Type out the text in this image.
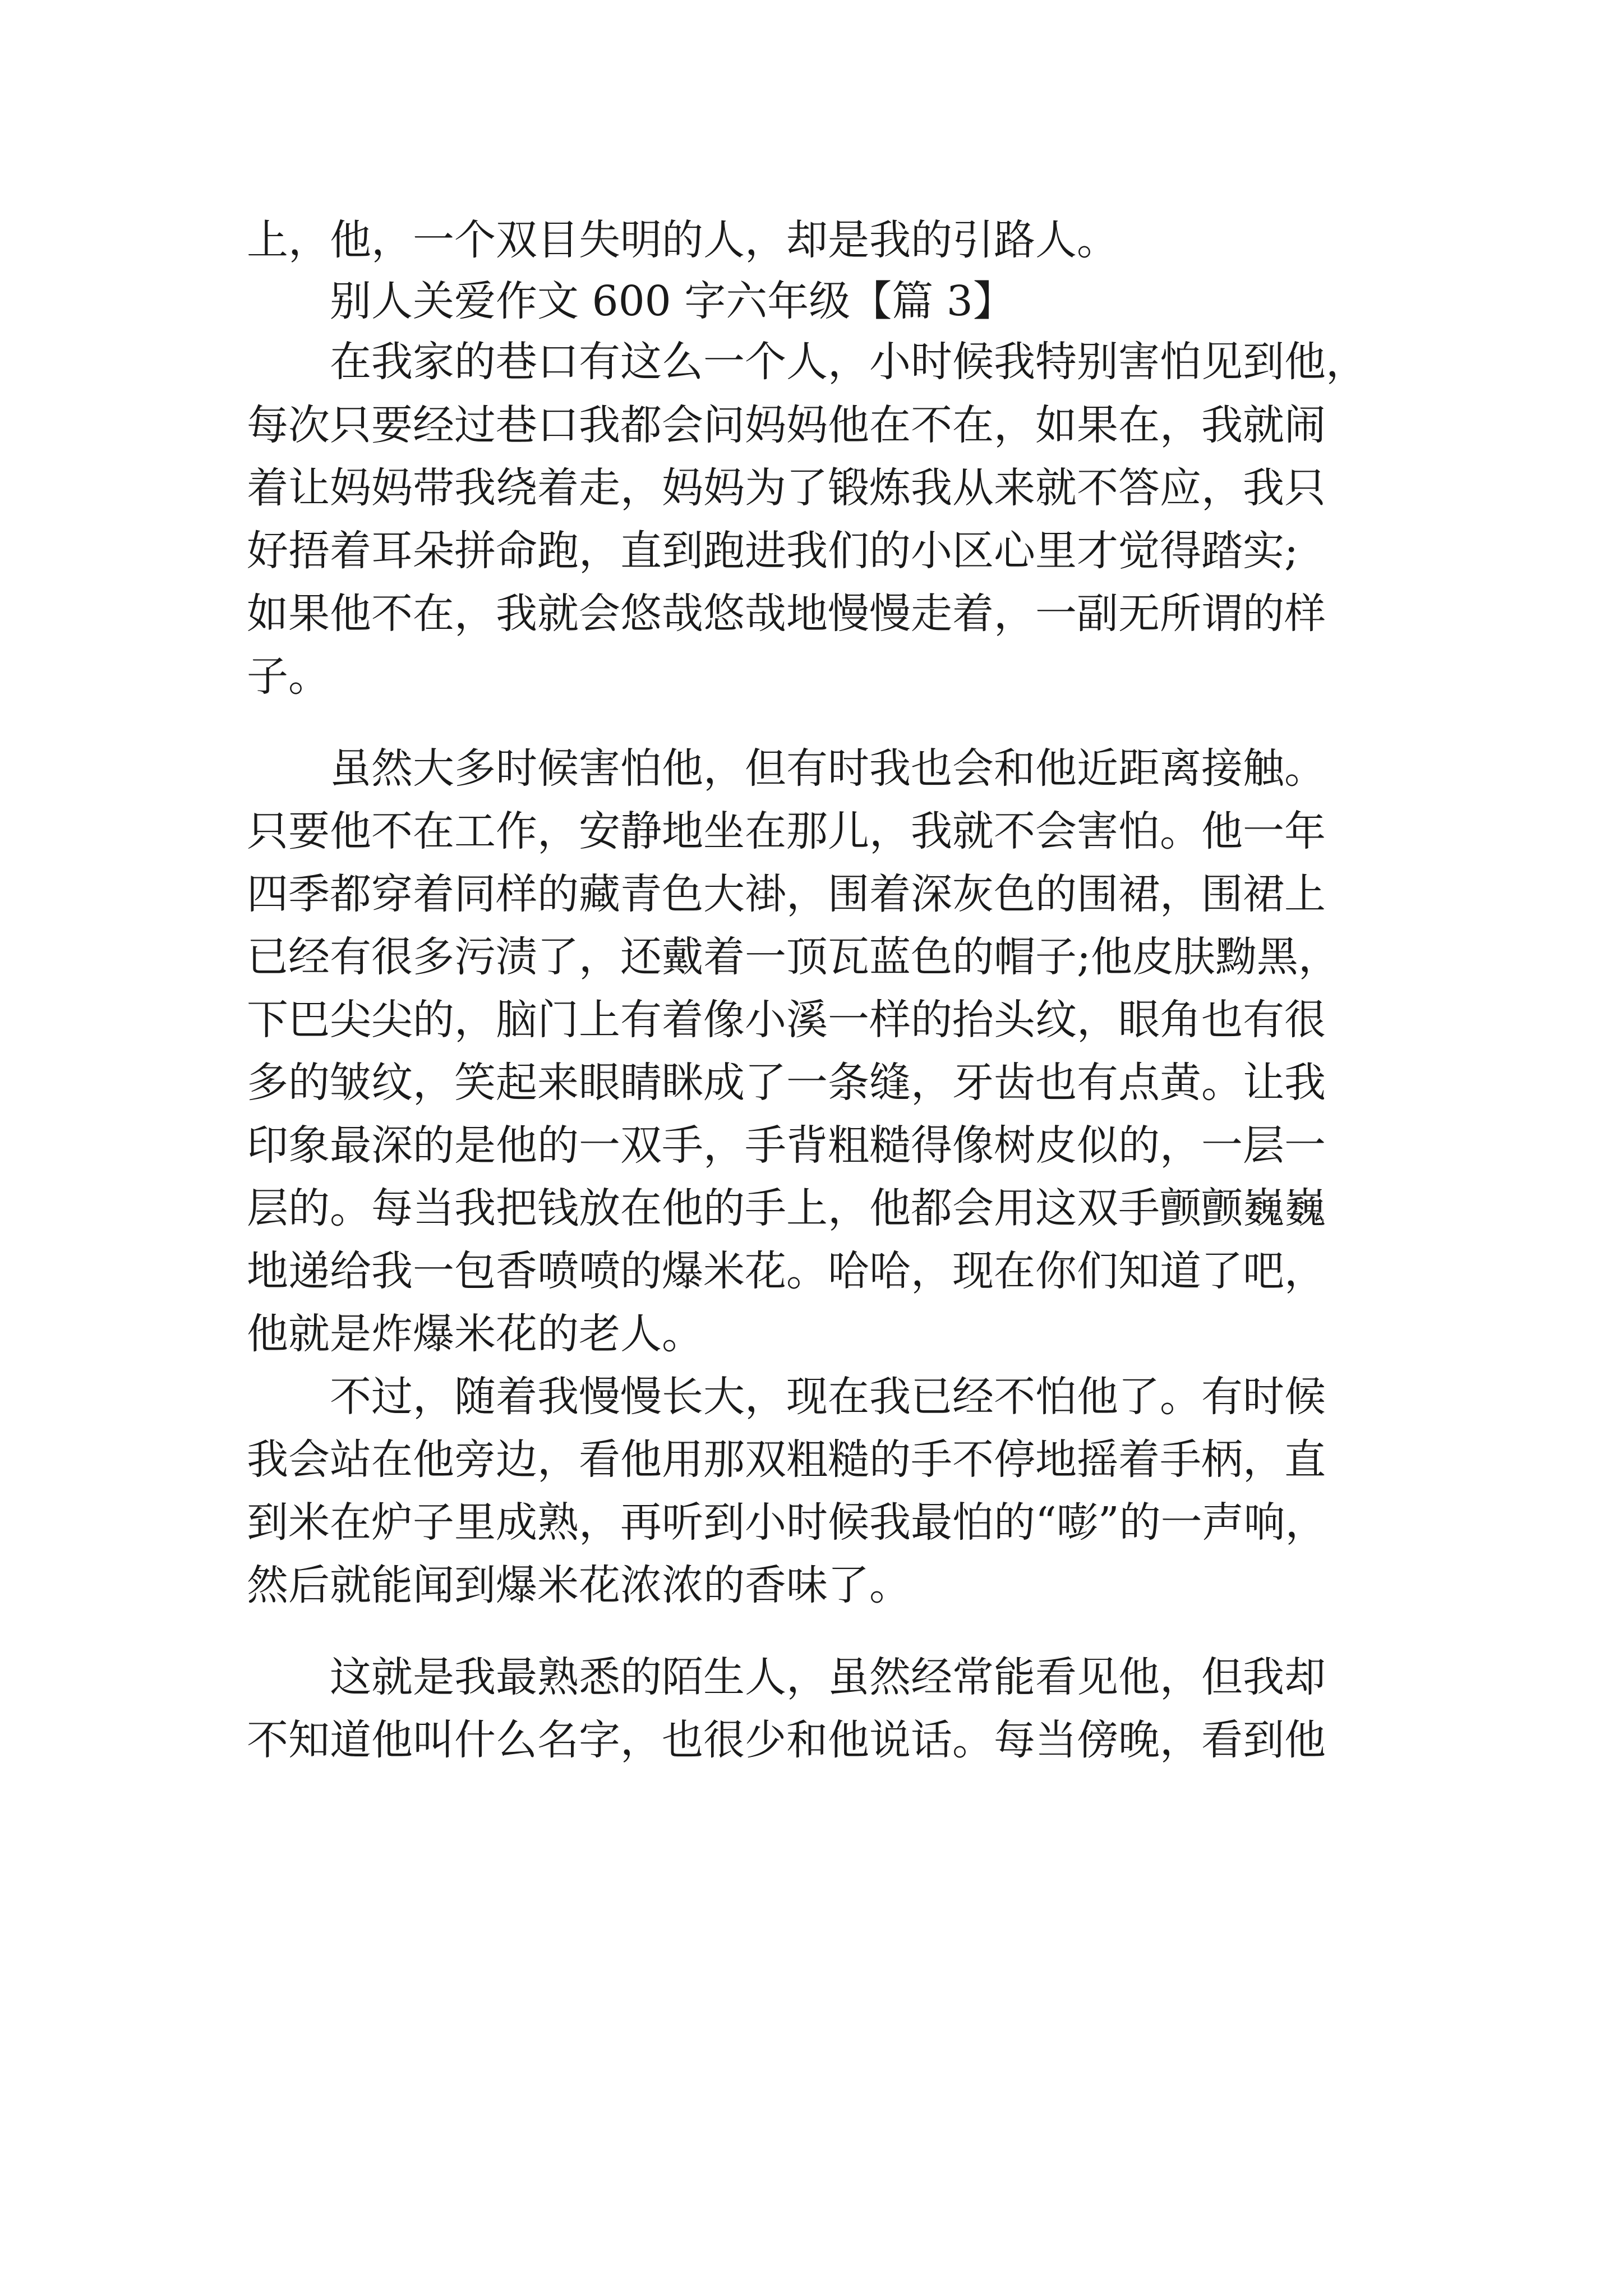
上，他，一个双目失明的人，却是我的引路人。

别人关爱作文 600 字六年级【篇 3】

在我家的巷口有这么一个人，小时候我特别害怕见到他，

每次只要经过巷口我都会问妈妈他在不在，如果在，我就闹

着让妈妈带我绕着走，妈妈为了锻炼我从来就不答应，我只

好捂着耳朵拼命跑，直到跑进我们的小区心里才觉得踏实;

如果他不在，我就会悠哉悠哉地慢慢走着，一副无所谓的样

子。

虽然大多时候害怕他，但有时我也会和他近距离接触。

只要他不在工作，安静地坐在那儿，我就不会害怕。他一年

四季都穿着同样的藏青色大褂，围着深灰色的围裙，围裙上

已经有很多污渍了，还戴着一顶瓦蓝色的帽子;他皮肤黝黑，

下巴尖尖的，脑门上有着像小溪一样的抬头纹，眼角也有很

多的皱纹，笑起来眼睛眯成了一条缝，牙齿也有点黄。让我

印象最深的是他的一双手，手背粗糙得像树皮似的，一层一

层的。每当我把钱放在他的手上，他都会用这双手颤颤巍巍

地递给我一包香喷喷的爆米花。哈哈，现在你们知道了吧，

他就是炸爆米花的老人。

不过，随着我慢慢长大，现在我已经不怕他了。有时候

我会站在他旁边，看他用那双粗糙的手不停地摇着手柄，直

到米在炉子里成熟，再听到小时候我最怕的“嘭”的一声响，

然后就能闻到爆米花浓浓的香味了。

这就是我最熟悉的陌生人，虽然经常能看见他，但我却

不知道他叫什么名字，也很少和他说话。每当傍晚，看到他
